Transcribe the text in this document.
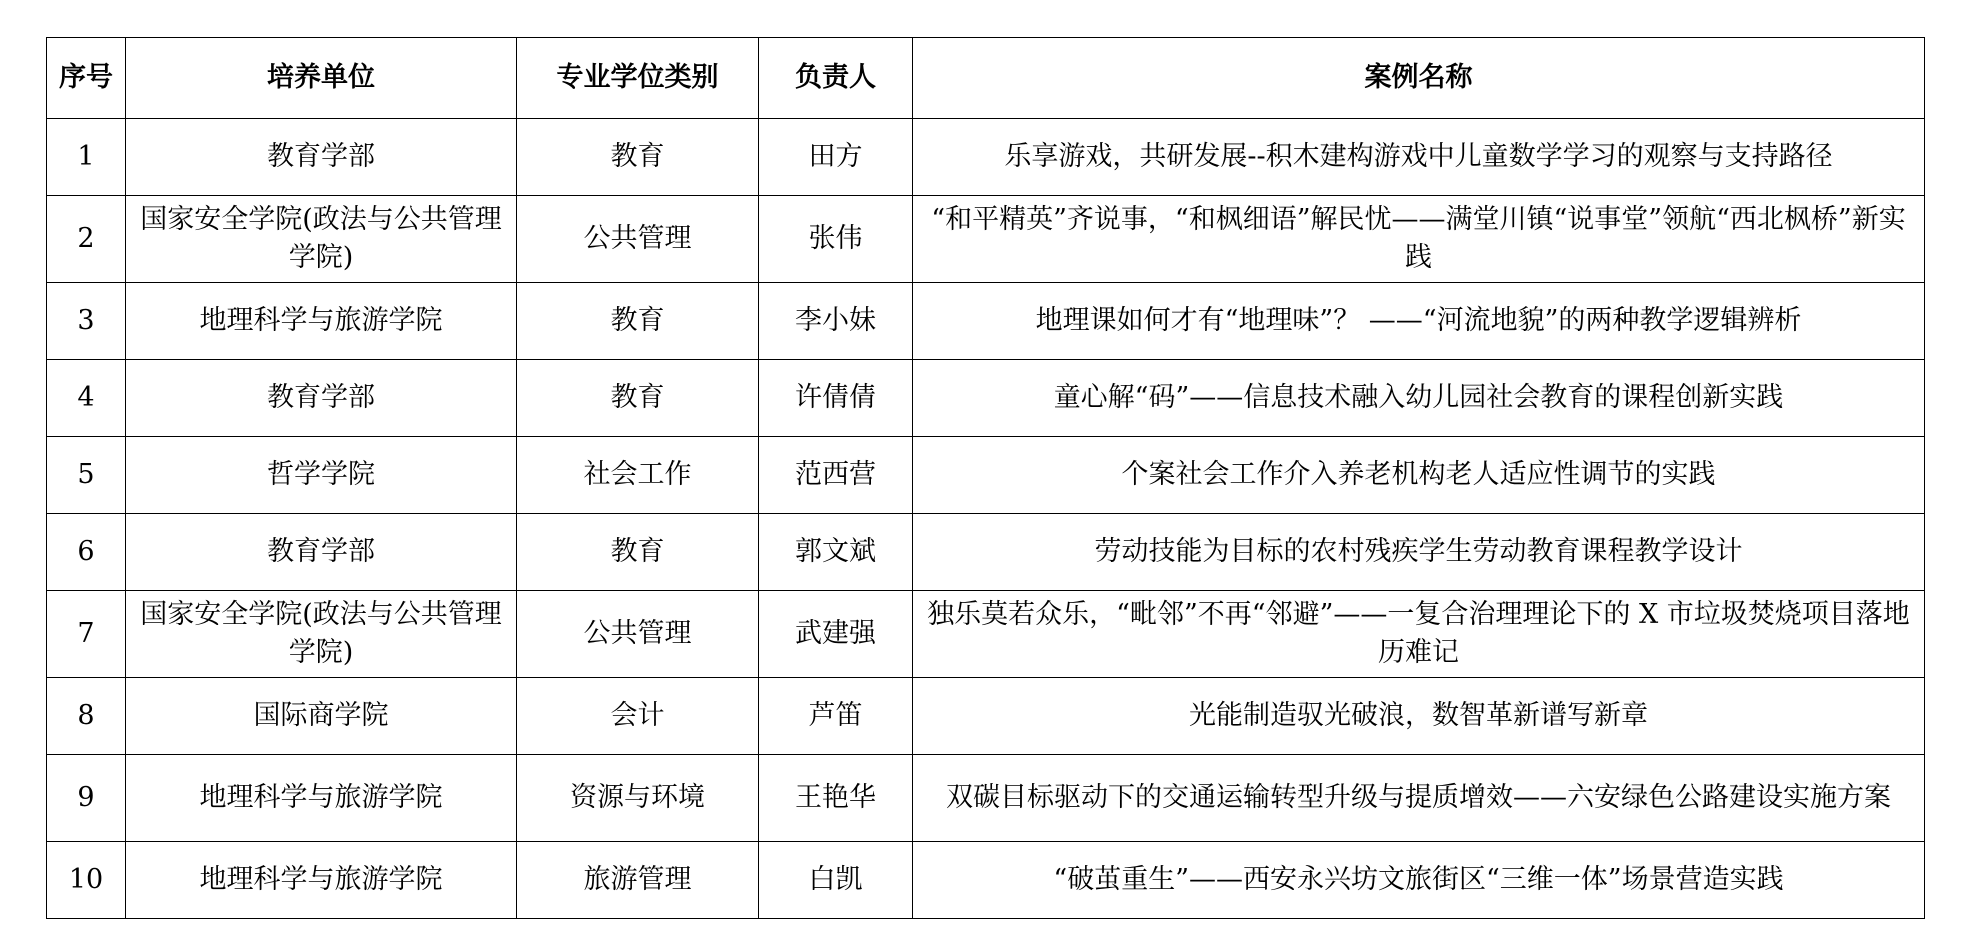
序号	培养单位	专业学位类别	负责人	案例名称
1	教育学部	教育	田方	乐享游戏，共研发展--积木建构游戏中儿童数学学习的观察与支持路径
2	国家安全学院(政法与公共管理学院)	公共管理	张伟	“和平精英”齐说事，“和枫细语”解民忧——满堂川镇“说事堂”领航“西北枫桥”新实践
3	地理科学与旅游学院	教育	李小妹	地理课如何才有“地理味”？ ——“河流地貌”的两种教学逻辑辨析
4	教育学部	教育	许倩倩	童心解“码”——信息技术融入幼儿园社会教育的课程创新实践
5	哲学学院	社会工作	范西营	个案社会工作介入养老机构老人适应性调节的实践
6	教育学部	教育	郭文斌	劳动技能为目标的农村残疾学生劳动教育课程教学设计
7	国家安全学院(政法与公共管理学院)	公共管理	武建强	独乐莫若众乐，“毗邻”不再“邻避”——一复合治理理论下的 X 市垃圾焚烧项目落地历难记
8	国际商学院	会计	芦笛	光能制造驭光破浪，数智革新谱写新章
9	地理科学与旅游学院	资源与环境	王艳华	双碳目标驱动下的交通运输转型升级与提质增效——六安绿色公路建设实施方案
10	地理科学与旅游学院	旅游管理	白凯	“破茧重生”——西安永兴坊文旅街区“三维一体”场景营造实践
